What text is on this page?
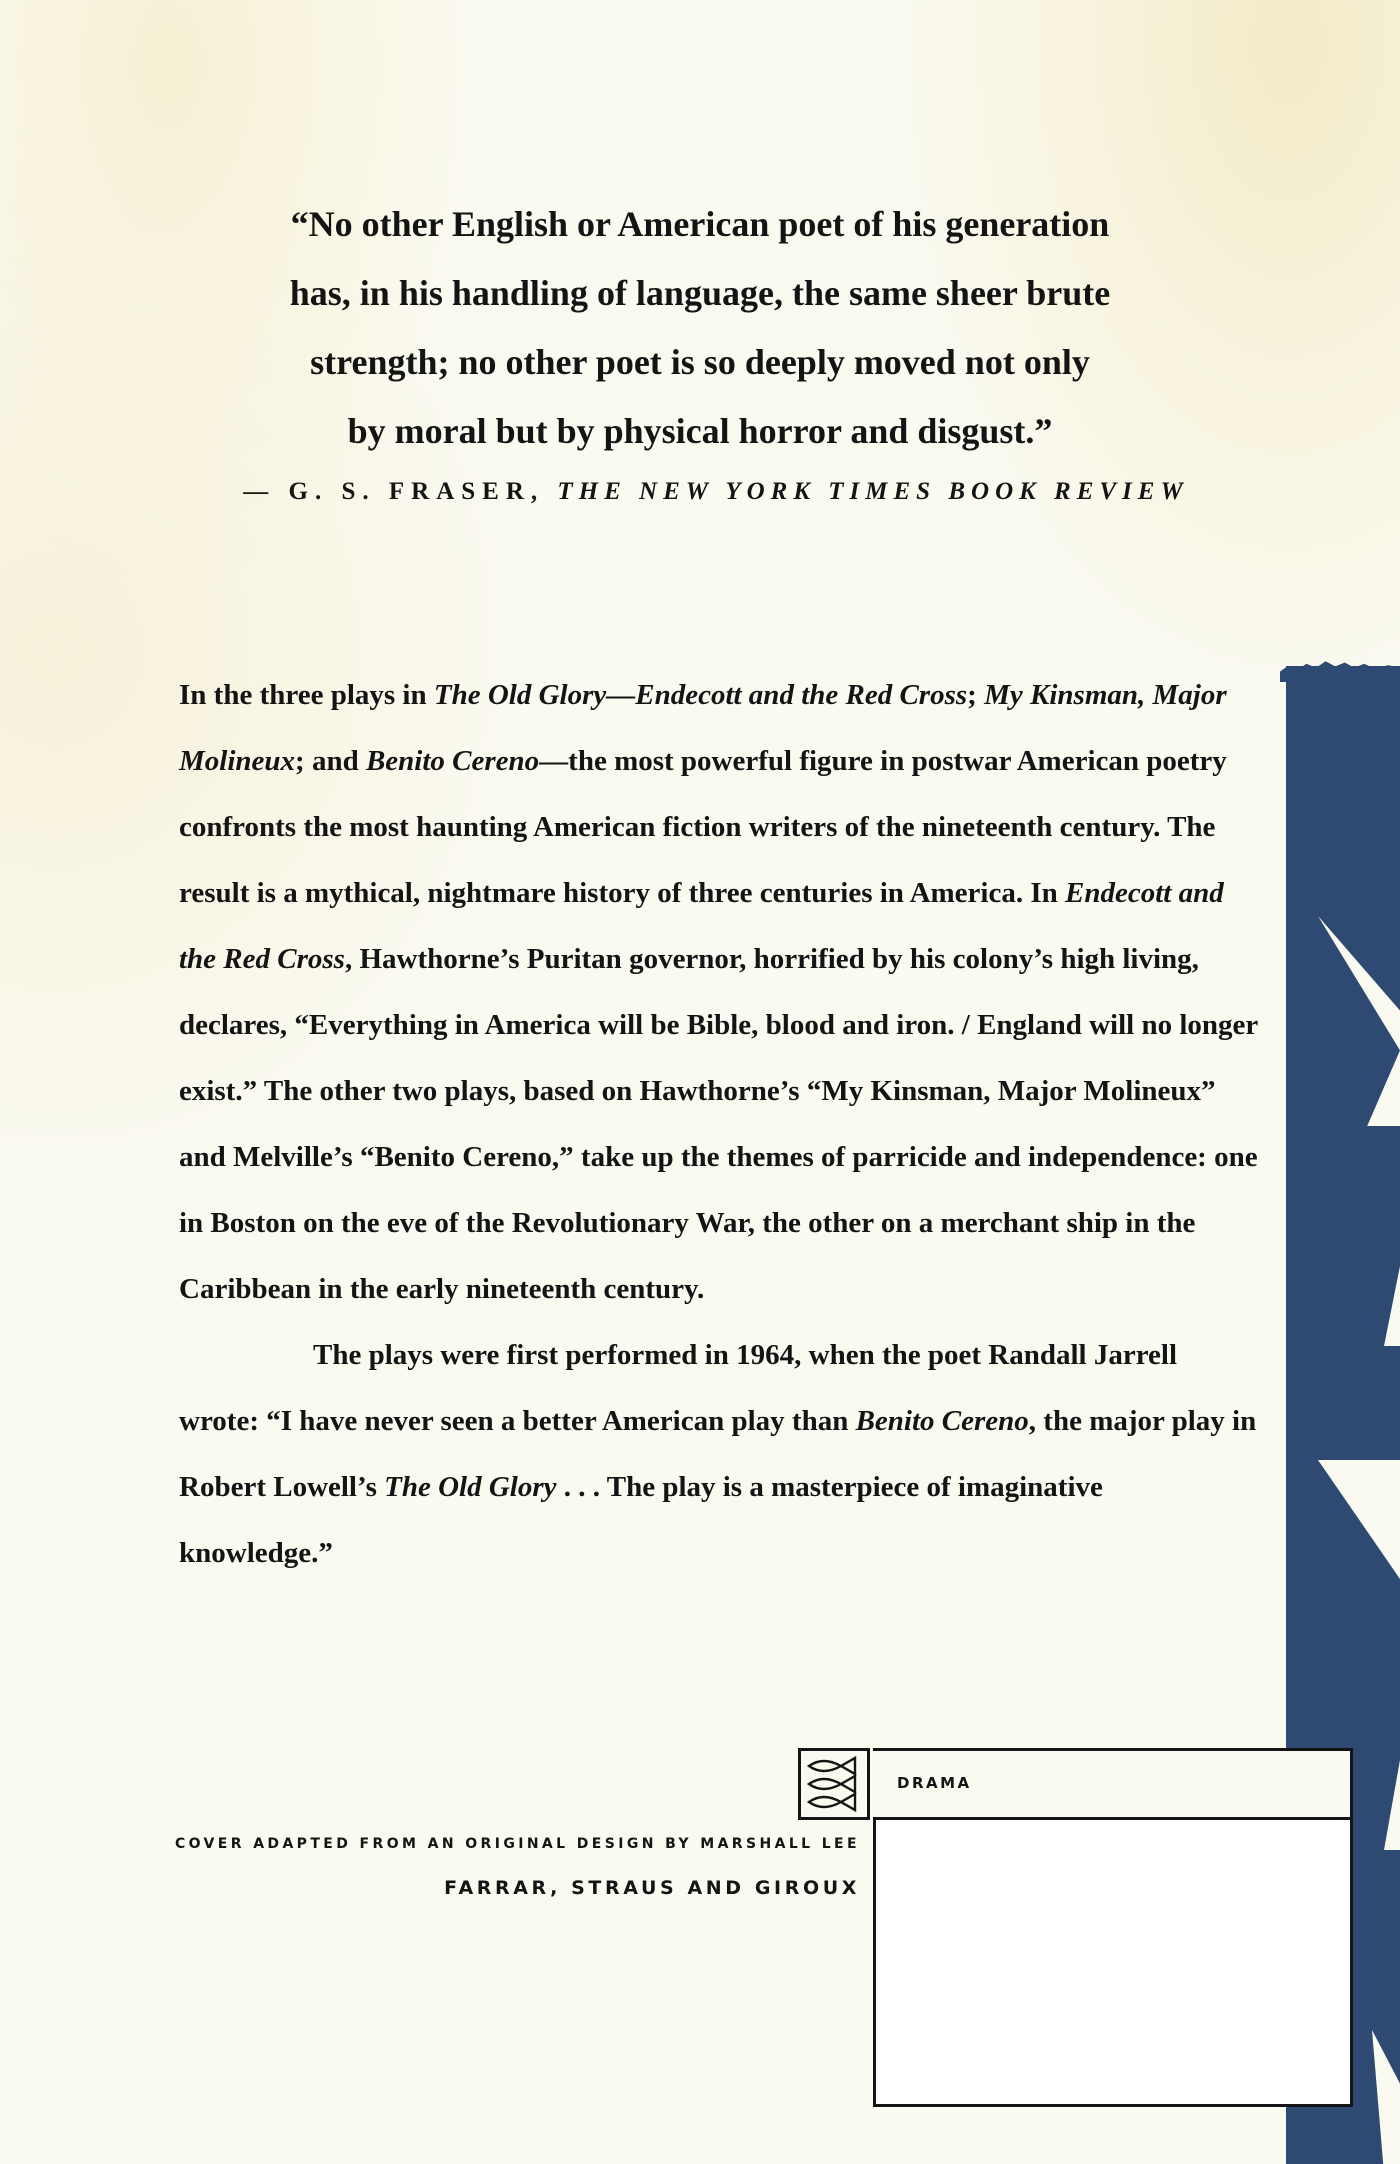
“No other English or American poet of his generation
has, in his handling of language, the same sheer brute
strength; no other poet is so deeply moved not only
by moral but by physical horror and disgust.”

— G. S. FRASER, THE NEW YORK TIMES BOOK REVIEW

In the three plays in The Old Glory—Endecott and the Red Cross; My Kinsman, Major Molineux; and Benito Cereno—the most powerful figure in postwar American poetry confronts the most haunting American fiction writers of the nineteenth century. The result is a mythical, nightmare history of three centuries in America. In Endecott and the Red Cross, Hawthorne’s Puritan governor, horrified by his colony’s high living, declares, “Everything in America will be Bible, blood and iron. / England will no longer exist.” The other two plays, based on Hawthorne’s “My Kinsman, Major Molineux” and Melville’s “Benito Cereno,” take up the themes of parricide and independence: one in Boston on the eve of the Revolutionary War, the other on a merchant ship in the Caribbean in the early nineteenth century.

The plays were first performed in 1964, when the poet Randall Jarrell wrote: “I have never seen a better American play than Benito Cereno, the major play in Robert Lowell’s The Old Glory . . . The play is a masterpiece of imaginative knowledge.”

COVER ADAPTED FROM AN ORIGINAL DESIGN BY MARSHALL LEE
FARRAR, STRAUS AND GIROUX
DRAMA
